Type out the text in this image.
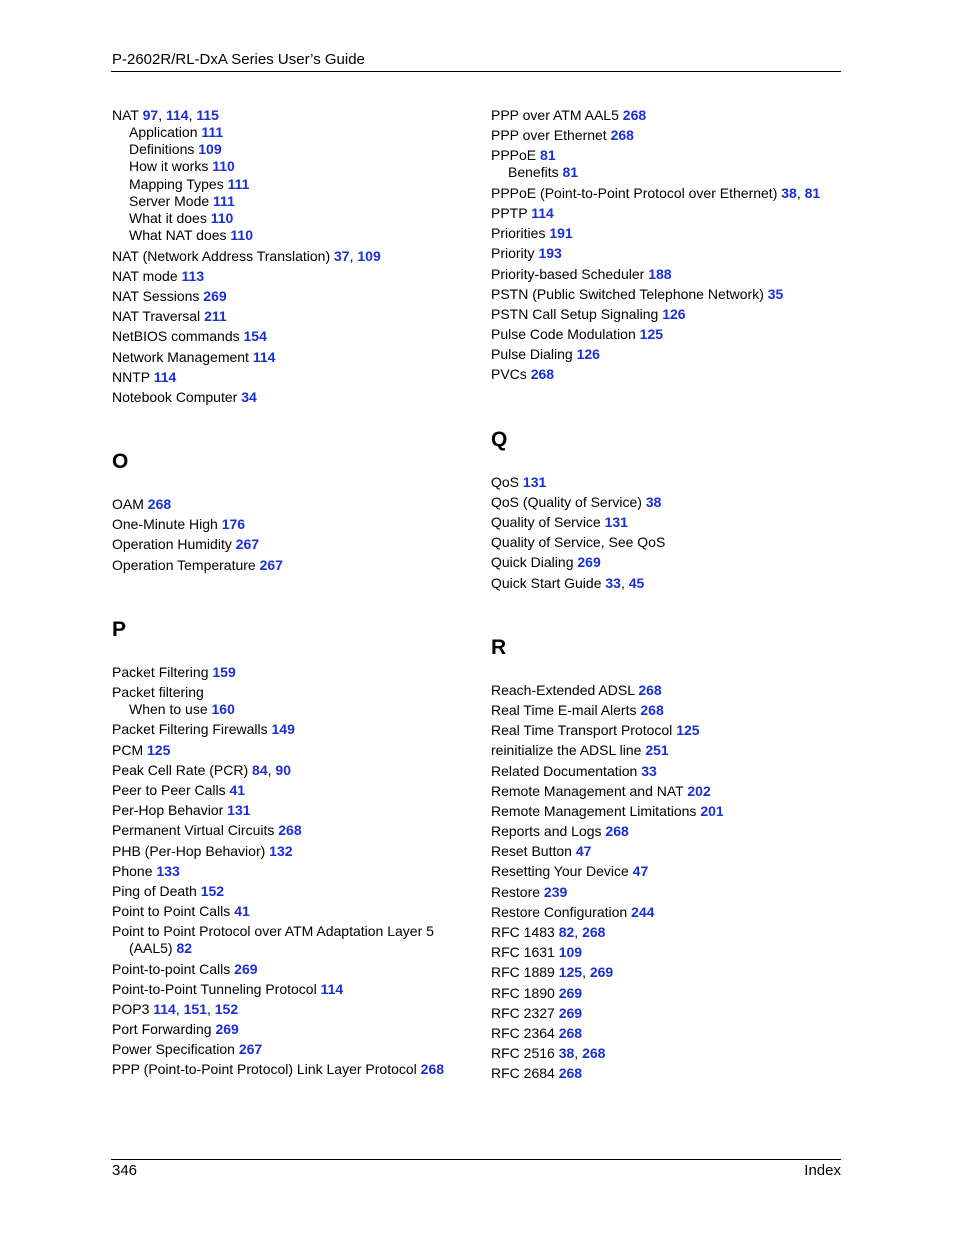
P-2602R/RL-DxA Series User’s Guide
NAT 97, 114, 115
Application 111
Definitions 109
How it works 110
Mapping Types 111
Server Mode 111
What it does 110
What NAT does 110
NAT (Network Address Translation) 37, 109
NAT mode 113
NAT Sessions 269
NAT Traversal 211
NetBIOS commands 154
Network Management 114
NNTP 114
Notebook Computer 34
O
OAM 268
One-Minute High 176
Operation Humidity 267
Operation Temperature 267
P
Packet Filtering 159
Packet filtering
When to use 160
Packet Filtering Firewalls 149
PCM 125
Peak Cell Rate (PCR) 84, 90
Peer to Peer Calls 41
Per-Hop Behavior 131
Permanent Virtual Circuits 268
PHB (Per-Hop Behavior) 132
Phone 133
Ping of Death 152
Point to Point Calls 41
Point to Point Protocol over ATM Adaptation Layer 5
(AAL5) 82
Point-to-point Calls 269
Point-to-Point Tunneling Protocol 114
POP3 114, 151, 152
Port Forwarding 269
Power Specification 267
PPP (Point-to-Point Protocol) Link Layer Protocol 268
PPP over ATM AAL5 268
PPP over Ethernet 268
PPPoE 81
Benefits 81
PPPoE (Point-to-Point Protocol over Ethernet) 38, 81
PPTP 114
Priorities 191
Priority 193
Priority-based Scheduler 188
PSTN (Public Switched Telephone Network) 35
PSTN Call Setup Signaling 126
Pulse Code Modulation 125
Pulse Dialing 126
PVCs 268
Q
QoS 131
QoS (Quality of Service) 38
Quality of Service 131
Quality of Service, See QoS
Quick Dialing 269
Quick Start Guide 33, 45
R
Reach-Extended ADSL 268
Real Time E-mail Alerts 268
Real Time Transport Protocol 125
reinitialize the ADSL line 251
Related Documentation 33
Remote Management and NAT 202
Remote Management Limitations 201
Reports and Logs 268
Reset Button 47
Resetting Your Device 47
Restore 239
Restore Configuration 244
RFC 1483 82, 268
RFC 1631 109
RFC 1889 125, 269
RFC 1890 269
RFC 2327 269
RFC 2364 268
RFC 2516 38, 268
RFC 2684 268
346	Index
